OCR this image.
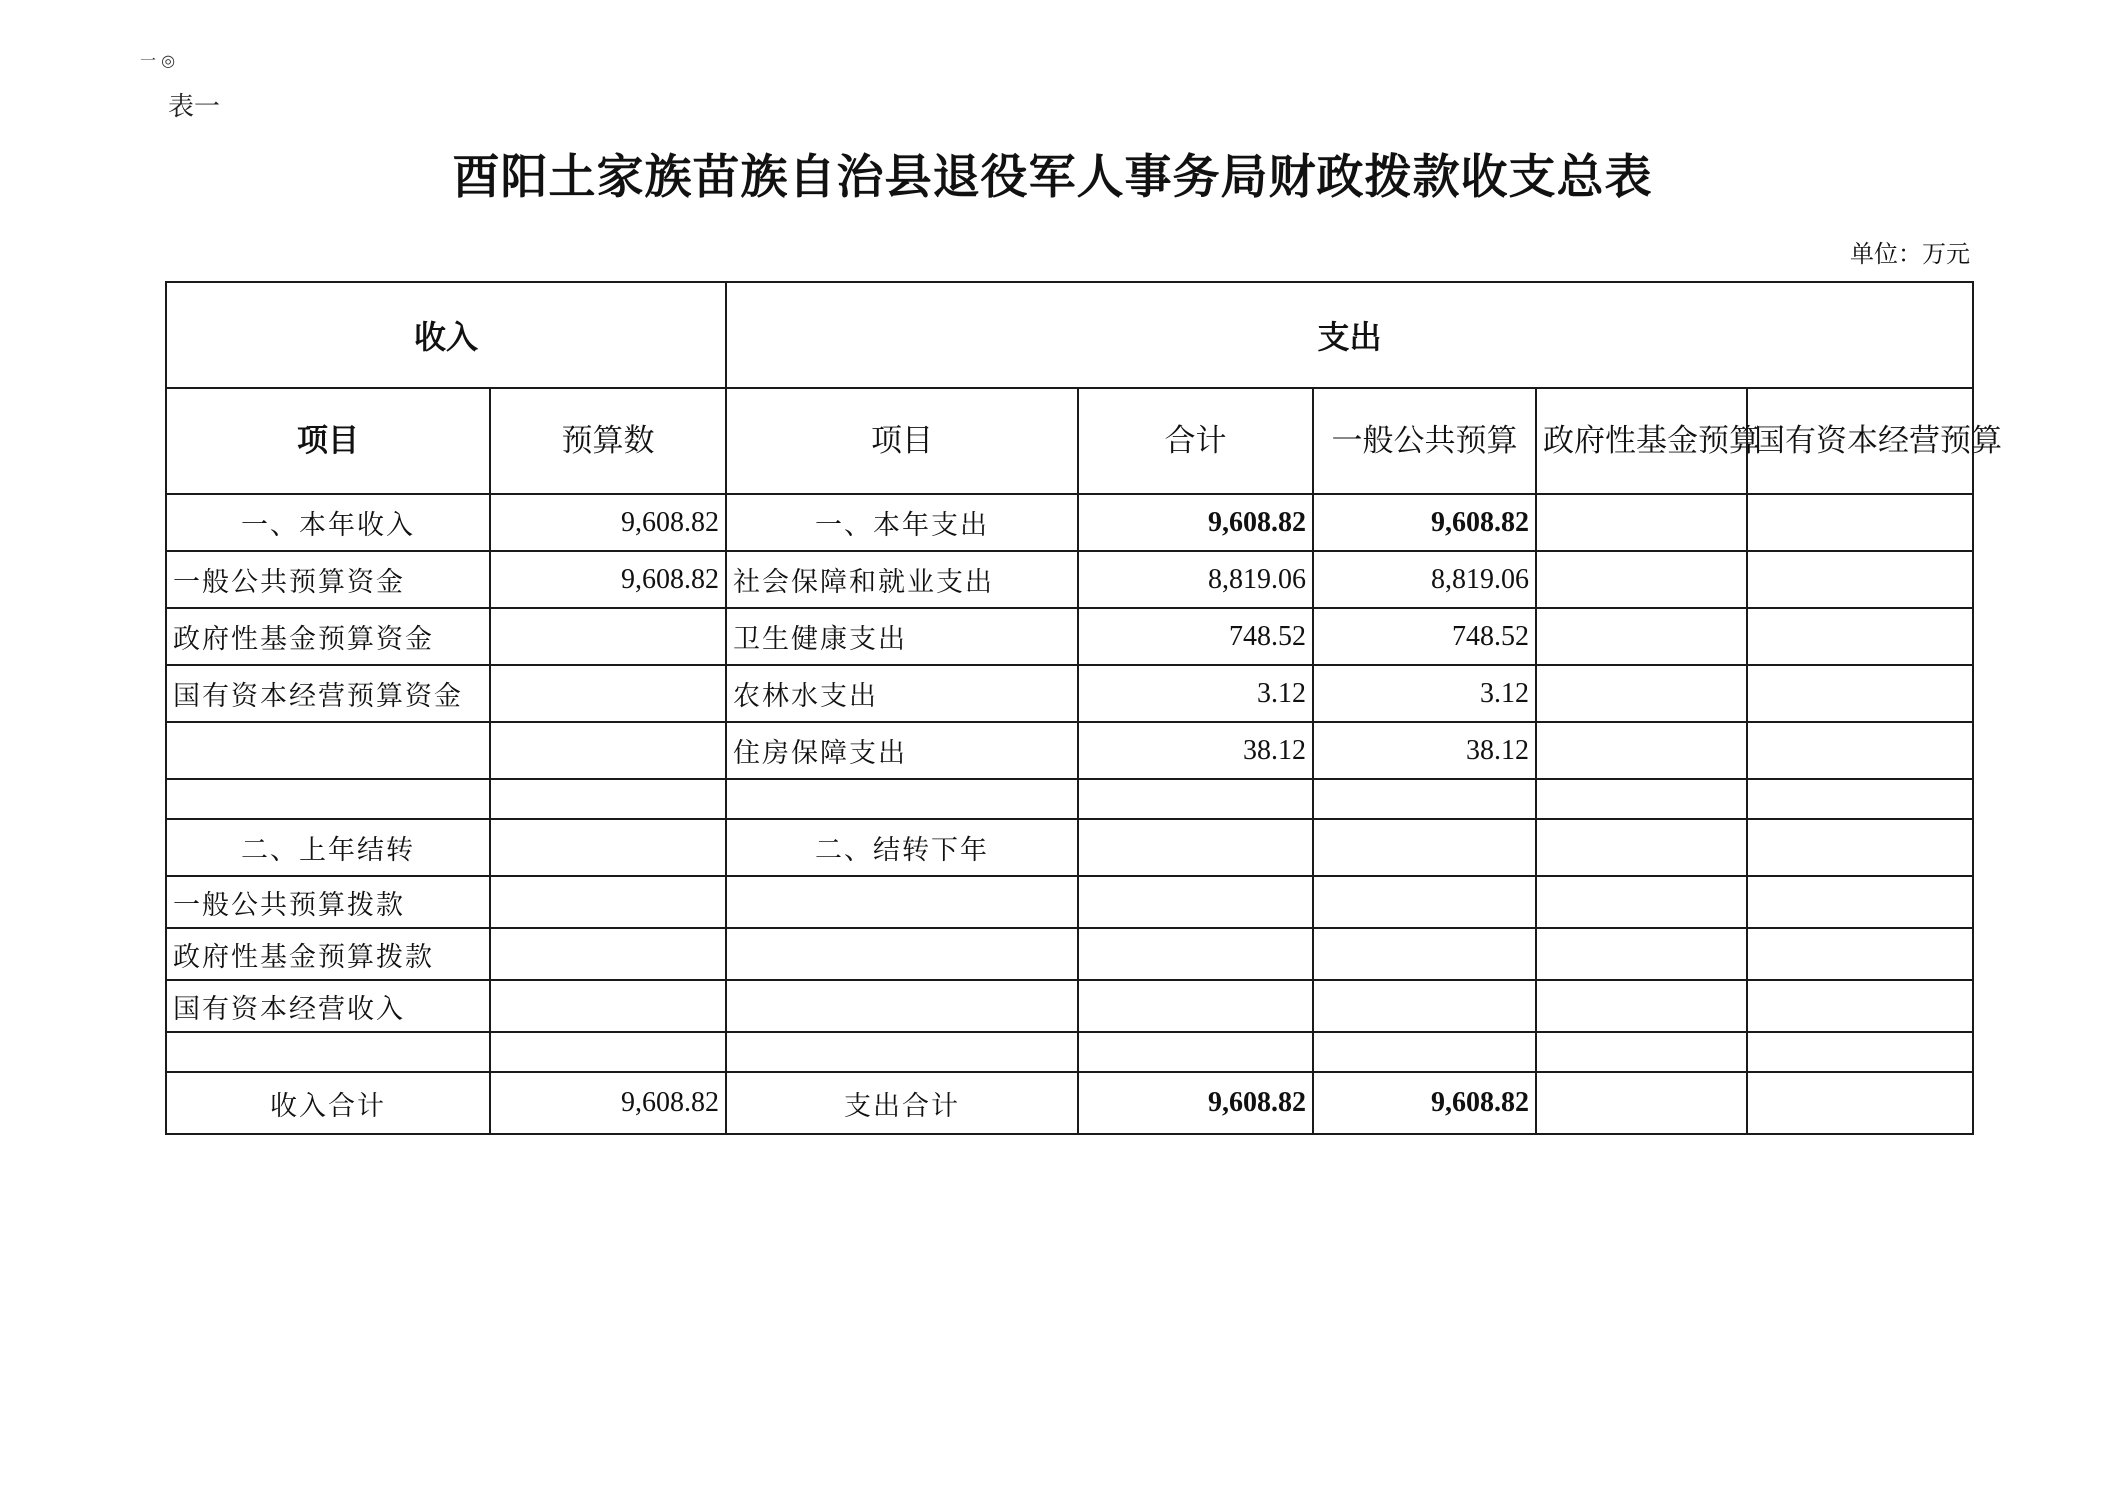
一 ◎
表一
酉阳土家族苗族自治县退役军人事务局财政拨款收支总表
单位：万元
收入		支出				
项目	预算数	项目	合计	一般公共预算	政府性基金预算	国有资本经营预算
一、本年收入	9,608.82	一、本年支出	9,608.82	9,608.82		
一般公共预算资金	9,608.82	社会保障和就业支出	8,819.06	8,819.06		
政府性基金预算资金		卫生健康支出	748.52	748.52		
国有资本经营预算资金		农林水支出	3.12	3.12		
		住房保障支出	38.12	38.12		

二、上年结转		二、结转下年				
一般公共预算拨款						
政府性基金预算拨款						
国有资本经营收入						

收入合计	9,608.82	支出合计	9,608.82	9,608.82		
